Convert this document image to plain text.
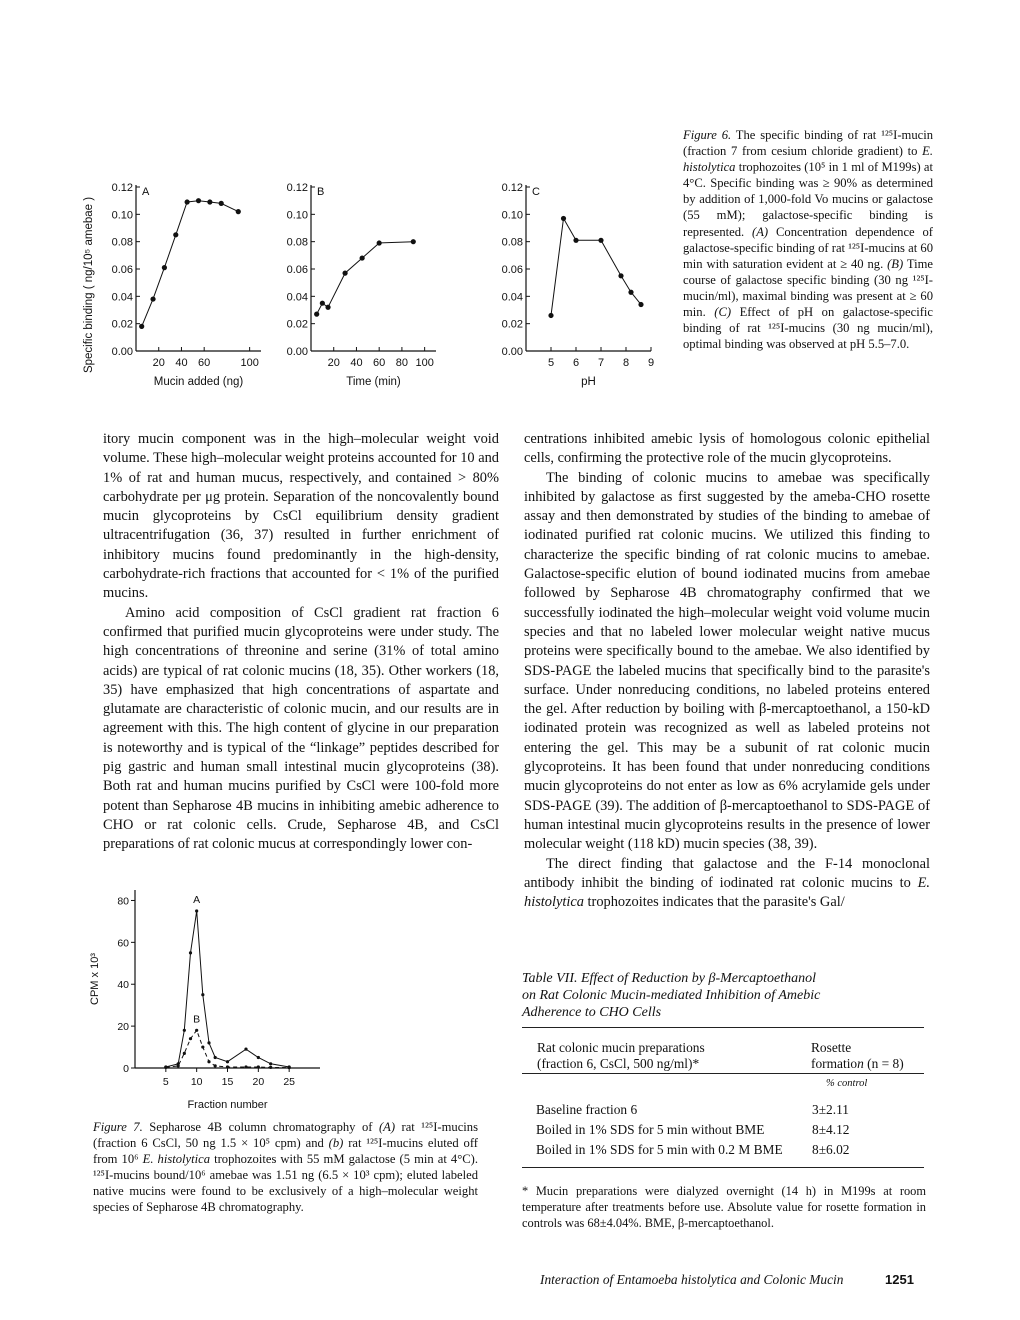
Specific binding ( ng/10⁵ amebae ) 0.00
0.02
0.04
0.06
0.08
0.10
0.12
20 40 60	100
A
Mucin added (ng)
0.00
0.02
0.04
0.06
0.08
0.10
0.12
20 40 60 80 100
B
Time (min)
0.00
0.02
0.04
0.06
0.08
0.10
0.12
5 6 7 8 9
C
pH
Figure 6. The specific binding of rat ¹²⁵I-mucin (fraction 7 from cesium chloride gradient) to E. histolytica trophozoites (10⁵ in 1 ml of M199s) at 4°C. Specific binding was ≥ 90% as determined by addition of 1,000-fold Vo mucins or galactose (55 mM); galactose-specific binding is represented. (A) Concentration dependence of galactose-specific binding of rat ¹²⁵I-mucins at 60 min with saturation evident at ≥ 40 ng. (B) Time course of galactose specific binding (30 ng ¹²⁵I-mucin/ml), maximal binding was present at ≥ 60 min. (C) Effect of pH on galactose-specific binding of rat ¹²⁵I-mucins (30 ng mucin/ml), optimal binding was observed at pH 5.5–7.0.

itory mucin component was in the high–molecular weight void volume. These high–molecular weight proteins accounted for 10 and 1% of rat and human mucus, respectively, and contained > 80% carbohydrate per μg protein. Separation of the noncovalently bound mucin glycoproteins by CsCl equilibrium density gradient ultracentrifugation (36, 37) resulted in further enrichment of inhibitory mucins found predominantly in the high-density, carbohydrate-rich fractions that accounted for < 1% of the purified mucins.

Amino acid composition of CsCl gradient rat fraction 6 confirmed that purified mucin glycoproteins were under study. The high concentrations of threonine and serine (31% of total amino acids) are typical of rat colonic mucins (18, 35). Other workers (18, 35) have emphasized that high concentrations of aspartate and glutamate are characteristic of colonic mucin, and our results are in agreement with this. The high content of glycine in our preparation is noteworthy and is typical of the “linkage” peptides described for pig gastric and human small intestinal mucin glycoproteins (38). Both rat and human mucins purified by CsCl were 100-fold more potent than Sepharose 4B mucins in inhibiting amebic adherence to CHO or rat colonic cells. Crude, Sepharose 4B, and CsCl preparations of rat colonic mucus at correspondingly lower con-

centrations inhibited amebic lysis of homologous colonic epithelial cells, confirming the protective role of the mucin glycoproteins.

The binding of colonic mucins to amebae was specifically inhibited by galactose as first suggested by the ameba-CHO rosette assay and then demonstrated by studies of the binding to amebae of iodinated purified rat colonic mucins. We utilized this finding to characterize the specific binding of rat colonic mucins to amebae. Galactose-specific elution of bound iodinated mucins from amebae followed by Sepharose 4B chromatography confirmed that we successfully iodinated the high–molecular weight void volume mucin species and that no labeled lower molecular weight native mucus proteins were specifically bound to the amebae. We also identified by SDS-PAGE the labeled mucins that specifically bind to the parasite's surface. Under nonreducing conditions, no labeled proteins entered the gel. After reduction by boiling with β-mercaptoethanol, a 150-kD iodinated protein was recognized as well as labeled proteins not entering the gel. This may be a subunit of rat colonic mucin glycoproteins. It has been found that under nonreducing conditions mucin glycoproteins do not enter as low as 6% acrylamide gels under SDS-PAGE (39). The addition of β-mercaptoethanol to SDS-PAGE of human intestinal mucin glycoproteins results in the presence of lower molecular weight (118 kD) mucin species (38, 39).

The direct finding that galactose and the F-14 monoclonal antibody inhibit the binding of iodinated rat colonic mucins to E. histolytica trophozoites indicates that the parasite's Gal/

0
20
40
60
80
5 10 15 20 25
Fraction number
CPM x 10³
A
B
Figure 7. Sepharose 4B column chromatography of (A) rat ¹²⁵I-mucins (fraction 6 CsCl, 50 ng 1.5 × 10⁵ cpm) and (b) rat ¹²⁵I-mucins eluted off from 10⁶ E. histolytica trophozoites with 55 mM galactose (5 min at 4°C). ¹²⁵I-mucins bound/10⁶ amebae was 1.51 ng (6.5 × 10³ cpm); eluted labeled native mucins were found to be exclusively of a high–molecular weight species of Sepharose 4B chromatography.
Table VII. Effect of Reduction by β-Mercaptoethanol
on Rat Colonic Mucin-mediated Inhibition of Amebic
Adherence to CHO Cells
Rat colonic mucin preparations
(fraction 6, CsCl, 500 ng/ml)*
Rosette
formation (n = 8)
% control
Baseline fraction 6	3±2.11
Boiled in 1% SDS for 5 min without BME	8±4.12
Boiled in 1% SDS for 5 min with 0.2 M BME 8±6.02
* Mucin preparations were dialyzed overnight (14 h) in M199s at room temperature after treatments before use. Absolute value for rosette formation in controls was 68±4.04%. BME, β-mercaptoethanol.
Interaction of Entamoeba histolytica and Colonic Mucin	1251
